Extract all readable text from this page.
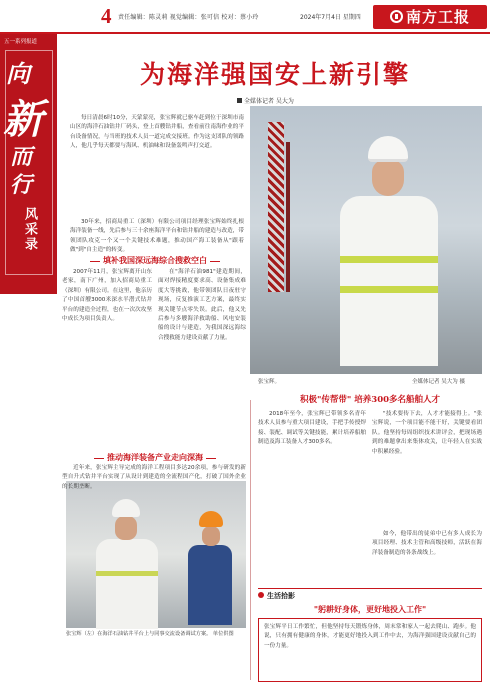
4 责任编辑：陈灵莉 视觉编辑：张可信 校对：蔡小玲	2024年7月4日 星期四	南方工报
五一系列报道
向
新
而
行
风采录
为海洋强国安上新引擎
全媒体记者 吴大为
每日清晨6时10分，天蒙蒙亮，张宝辉就已驱车赶到位于深圳市南山区的海洋石油钻井厂码头，登上首艘钻井船，查看前往南海作业的平台设备情况，与当班的技术人员一道完成交接班。作为这支团队的领路人，他几乎每天都要与海风、机油味和设备轰鸣声打交道。
30年来，招商局重工（深圳）有限公司项目经理张宝辉始终扎根海洋装备一线，先后参与三十余座海洋平台和钻井船的建造与改造，带领团队攻克一个又一个关键技术难题，推动国产海工装备从"跟着做"到"自主造"的转变。
张宝辉。	全媒体记者 吴大为 摄
填补我国深远海综合搜救空白
2007年11月，张宝辉离开山东老家，南下广州，加入招商局重工（深圳）有限公司。在这里，他亲历了中国首艘3000米深水半潜式钻井平台的建造全过程，也在一次次攻坚中成长为项目负责人。
在"海洋石油981"建造期间，面对焊接精度要求高、设备集成难度大等挑战，他带领团队日夜驻守现场，反复推演工艺方案，最终实现关键节点零失误。此后，他又先后参与多艘海洋救助船、风电安装船的设计与建造，为我国深远海综合搜救能力建设贡献了力量。
推动海洋装备产业走向深海
张宝辉（左）在海洋石油钻井平台上与同事交流设备调试方案。 单位供图
近年来，张宝辉主导完成的海洋工程项目多达20余项，参与研发的新型自升式钻井平台实现了从设计到建造的全流程国产化，打破了国外企业的长期垄断。
积极"传帮带" 培养300多名船舶人才
2018年至今，张宝辉已带领多名青年技术人员参与重大项目建设，手把手传授焊接、装配、调试等关键技能，累计培养船舶制造及海工装备人才300多名。
"技术要传下去，人才才能接得上。"张宝辉说，一个项目能不能干好，关键要看团队。他坚持每周组织技术讲评会，把现场遇到的难题拿出来集体攻关，让年轻人在实战中积累经验。
如今，他带出的徒弟中已有多人成长为项目经理、技术主管和高级技师，活跃在海洋装备制造的各条战线上。
生活拾影
"躬耕好身体，更好地投入工作"
张宝辉平日工作繁忙，但他坚持每天锻炼身体，周末常和家人一起去爬山、跑步。他说，只有拥有健康的身体，才能更好地投入到工作中去，为海洋强国建设贡献自己的一份力量。
